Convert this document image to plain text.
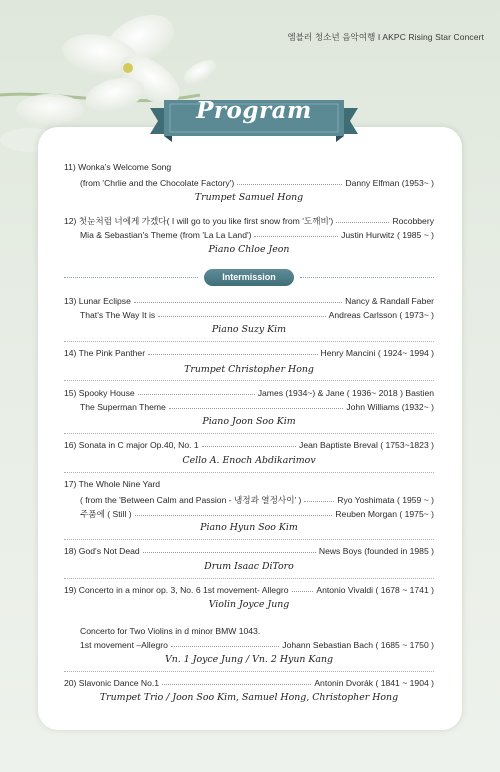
엠블러 청소년 음악여행 I AKPC Rising Star Concert
Program
11) Wonka's Welcome Song
(from 'Chrlie and the Chocolate Factory')	Danny Elfman (1953~ )
Trumpet Samuel Hong
12) 첫눈처럼 너에게 가겠다( I will go to you like first snow from '도깨비')	Rocobbery
Mia & Sebastian's Theme (from 'La La Land')	Justin Hurwitz ( 1985 ~ )
Piano Chloe Jeon
Intermission
13) Lunar Eclipse	Nancy & Randall Faber
That's The Way It is	Andreas Carlsson ( 1973~ )
Piano Suzy Kim
14) The Pink Panther	Henry Mancini ( 1924~ 1994 )
Trumpet Christopher Hong
15) Spooky House	James (1934~) & Jane ( 1936~ 2018 ) Bastien
The Superman Theme	John Williams (1932~ )
Piano Joon Soo Kim
16) Sonata in C major Op.40, No. 1	Jean Baptiste Breval ( 1753~1823 )
Cello A. Enoch Abdikarimov
17) The Whole Nine Yard
( from the 'Between Calm and Passion - 냉정과 열정사이' )	Ryo Yoshimata ( 1959 ~ )
주품에 ( Still )	Reuben Morgan ( 1975~ )
Piano Hyun Soo Kim
18) God's Not Dead	News Boys (founded in 1985 )
Drum Isaac DiToro
19) Concerto in a minor op. 3, No. 6 1st movement- Allegro	Antonio Vivaldi ( 1678 ~ 1741 )
Violin Joyce Jung
Concerto for Two Violins in d minor BMW 1043.
1st movement –Allegro	Johann Sebastian Bach ( 1685 ~ 1750 )
Vn. 1 Joyce Jung / Vn. 2 Hyun Kang
20) Slavonic Dance No.1	Antonin Dvorák ( 1841 ~ 1904 )
Trumpet Trio / Joon Soo Kim, Samuel Hong, Christopher Hong
